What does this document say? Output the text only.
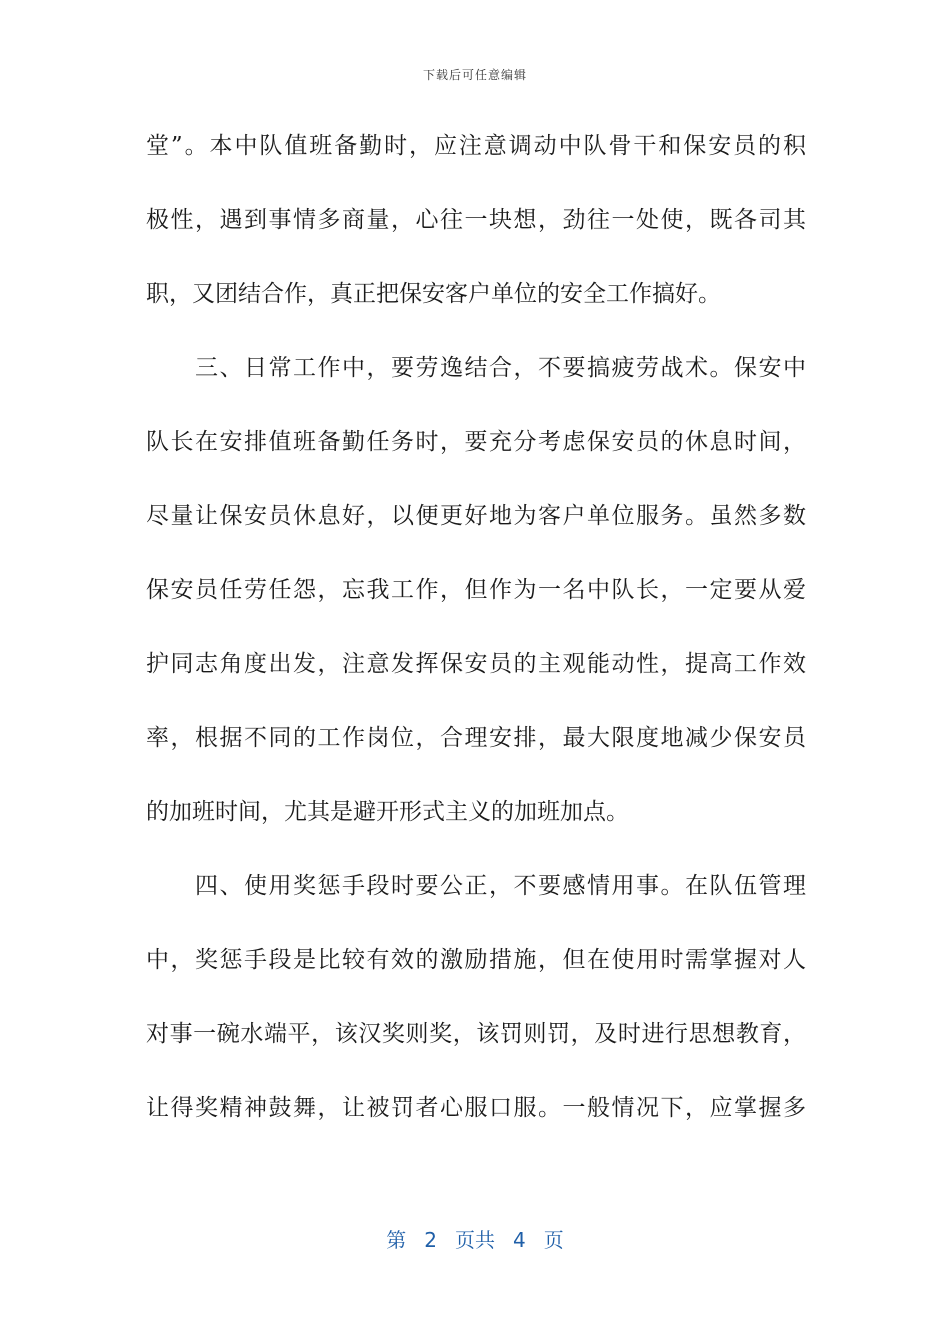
下载后可任意编辑
堂”。本中队值班备勤时，应注意调动中队骨干和保安员的积
极性，遇到事情多商量，心往一块想，劲往一处使，既各司其
职，又团结合作，真正把保安客户单位的安全工作搞好。
　　三、日常工作中，要劳逸结合，不要搞疲劳战术。保安中
队长在安排值班备勤任务时，要充分考虑保安员的休息时间，
尽量让保安员休息好，以便更好地为客户单位服务。虽然多数
保安员任劳任怨，忘我工作，但作为一名中队长，一定要从爱
护同志角度出发，注意发挥保安员的主观能动性，提高工作效
率，根据不同的工作岗位，合理安排，最大限度地减少保安员
的加班时间，尤其是避开形式主义的加班加点。
　　四、使用奖惩手段时要公正，不要感情用事。在队伍管理
中，奖惩手段是比较有效的激励措施，但在使用时需掌握对人
对事一碗水端平，该汉奖则奖，该罚则罚，及时进行思想教育，
让得奖精神鼓舞，让被罚者心服口服。一般情况下，应掌握多
第 2 页共 4 页
